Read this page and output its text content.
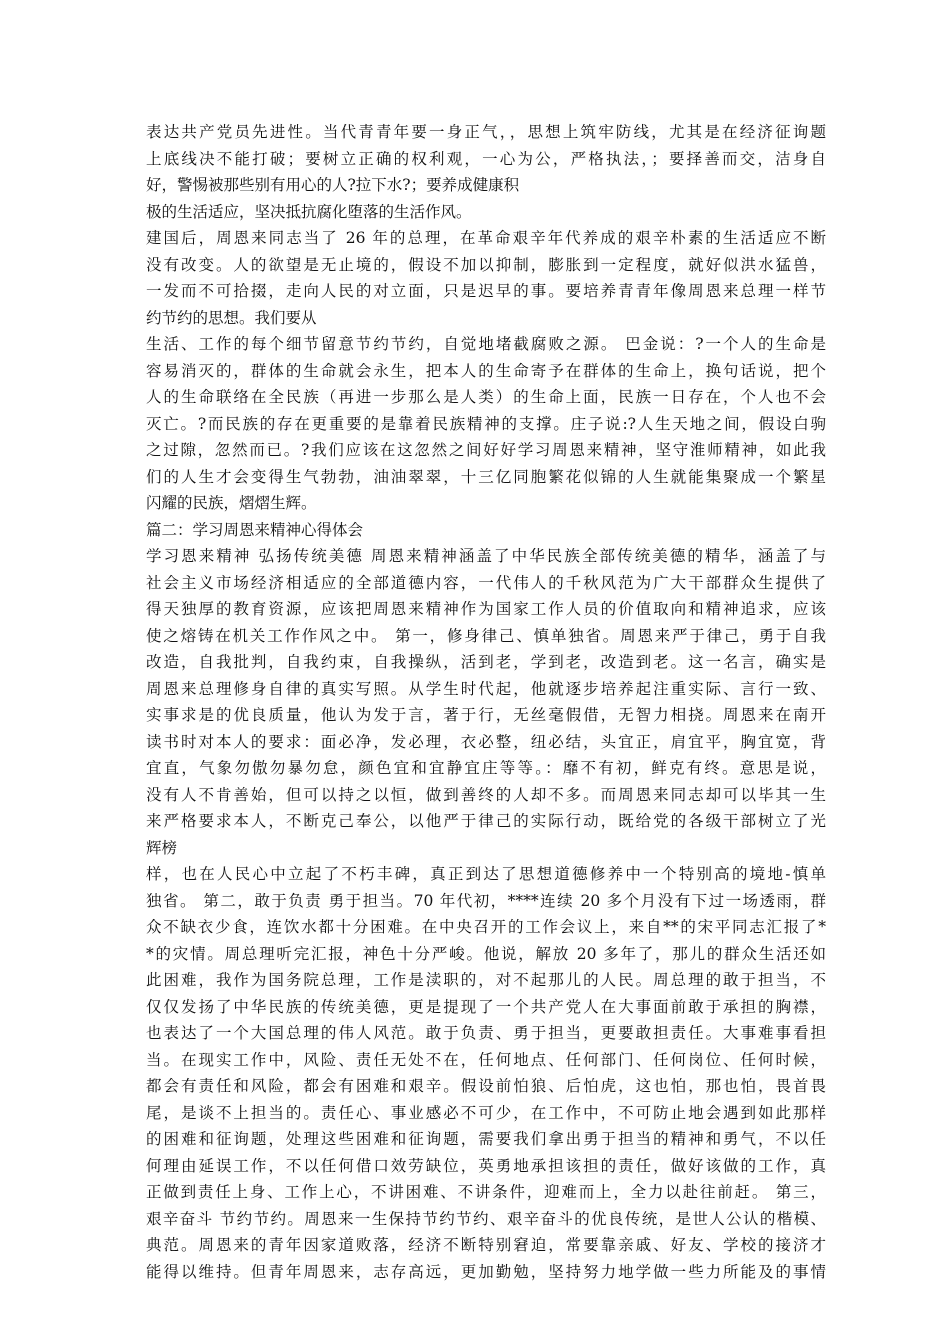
表达共产党员先进性。当代青青年要一身正气，，思想上筑牢防线，尤其是在经济征询题
上底线决不能打破；要树立正确的权利观，一心为公，严格执法，；要择善而交，洁身自
好，警惕被那些别有用心的人?拉下水?；要养成健康积
极的生活适应，坚决抵抗腐化堕落的生活作风。
建国后，周恩来同志当了 26 年的总理，在革命艰辛年代养成的艰辛朴素的生活适应不断
没有改变。人的欲望是无止境的，假设不加以抑制，膨胀到一定程度，就好似洪水猛兽，
一发而不可拾掇，走向人民的对立面，只是迟早的事。要培养青青年像周恩来总理一样节
约节约的思想。我们要从
生活、工作的每个细节留意节约节约，自觉地堵截腐败之源。 巴金说：?一个人的生命是
容易消灭的，群体的生命就会永生，把本人的生命寄予在群体的生命上，换句话说，把个
人的生命联络在全民族（再进一步那么是人类）的生命上面，民族一日存在，个人也不会
灭亡。?而民族的存在更重要的是靠着民族精神的支撑。庄子说:?人生天地之间，假设白驹
之过隙，忽然而已。?我们应该在这忽然之间好好学习周恩来精神，坚守淮师精神，如此我
们的人生才会变得生气勃勃，油油翠翠，十三亿同胞繁花似锦的人生就能集聚成一个繁星
闪耀的民族，熠熠生辉。
篇二：学习周恩来精神心得体会
学习恩来精神 弘扬传统美德 周恩来精神涵盖了中华民族全部传统美德的精华，涵盖了与
社会主义市场经济相适应的全部道德内容，一代伟人的千秋风范为广大干部群众生提供了
得天独厚的教育资源，应该把周恩来精神作为国家工作人员的价值取向和精神追求，应该
使之熔铸在机关工作作风之中。 第一，修身律己、慎单独省。周恩来严于律己，勇于自我
改造，自我批判，自我约束，自我操纵，活到老，学到老，改造到老。这一名言，确实是
周恩来总理修身自律的真实写照。从学生时代起，他就逐步培养起注重实际、言行一致、
实事求是的优良质量，他认为发于言，著于行，无丝毫假借，无智力相挠。周恩来在南开
读书时对本人的要求：面必净，发必理，衣必整，纽必结，头宜正，肩宜平，胸宜宽，背
宜直，气象勿傲勿暴勿怠，颜色宜和宜静宜庄等等。：靡不有初，鲜克有终。意思是说，
没有人不肯善始，但可以持之以恒，做到善终的人却不多。而周恩来同志却可以毕其一生
来严格要求本人，不断克己奉公，以他严于律己的实际行动，既给党的各级干部树立了光
辉榜
样，也在人民心中立起了不朽丰碑，真正到达了思想道德修养中一个特别高的境地-慎单
独省。 第二，敢于负责 勇于担当。70 年代初，****连续 20 多个月没有下过一场透雨，群
众不缺衣少食，连饮水都十分困难。在中央召开的工作会议上，来自**的宋平同志汇报了*
*的灾情。周总理听完汇报，神色十分严峻。他说，解放 20 多年了，那儿的群众生活还如
此困难，我作为国务院总理，工作是渎职的，对不起那儿的人民。周总理的敢于担当，不
仅仅发扬了中华民族的传统美德，更是提现了一个共产党人在大事面前敢于承担的胸襟，
也表达了一个大国总理的伟人风范。敢于负责、勇于担当，更要敢担责任。大事难事看担
当。在现实工作中，风险、责任无处不在，任何地点、任何部门、任何岗位、任何时候，
都会有责任和风险，都会有困难和艰辛。假设前怕狼、后怕虎，这也怕，那也怕，畏首畏
尾，是谈不上担当的。责任心、事业感必不可少，在工作中，不可防止地会遇到如此那样
的困难和征询题，处理这些困难和征询题，需要我们拿出勇于担当的精神和勇气，不以任
何理由延误工作，不以任何借口效劳缺位，英勇地承担该担的责任，做好该做的工作，真
正做到责任上身、工作上心，不讲困难、不讲条件，迎难而上，全力以赴往前赶。 第三，
艰辛奋斗 节约节约。周恩来一生保持节约节约、艰辛奋斗的优良传统，是世人公认的楷模、
典范。周恩来的青年因家道败落，经济不断特别窘迫，常要靠亲戚、好友、学校的接济才
能得以维持。但青年周恩来，志存高远，更加勤勉，坚持努力地学做一些力所能及的事情
